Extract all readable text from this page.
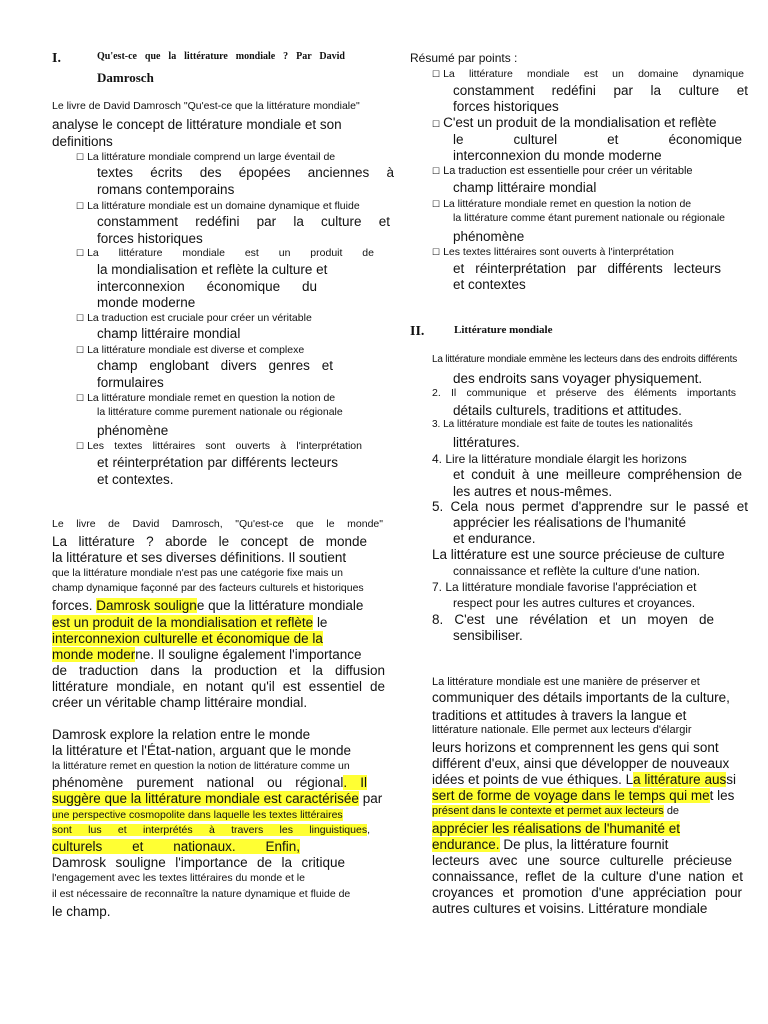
I.	Qu'est-ce que la littérature mondiale ? Par David
Damrosch
Le livre de David Damrosch "Qu'est-ce que la littérature mondiale"
analyse le concept de littérature mondiale et son
definitions
☐ La littérature mondiale comprend un large éventail de
textes écrits des épopées anciennes à
romans contemporains
☐ La littérature mondiale est un domaine dynamique et fluide
constamment redéfini par la culture et
forces historiques
☐ La littérature mondiale est un produit de
la mondialisation et reflète la culture et
interconnexion économique du
monde moderne
☐ La traduction est cruciale pour créer un véritable
champ littéraire mondial
☐ La littérature mondiale est diverse et complexe
champ englobant divers genres et
formulaires
☐ La littérature mondiale remet en question la notion de
la littérature comme purement nationale ou régionale
phénomène
☐ Les textes littéraires sont ouverts à l'interprétation
et réinterprétation par différents lecteurs
et contextes.
Le livre de David Damrosch, "Qu'est-ce que le monde"
La littérature ? aborde le concept de monde
la littérature et ses diverses définitions. Il soutient
que la littérature mondiale n'est pas une catégorie fixe mais un
champ dynamique façonné par des facteurs culturels et historiques
forces. Damrosk souligne que la littérature mondiale
est un produit de la mondialisation et reflète le
interconnexion culturelle et économique de la
monde moderne. Il souligne également l'importance
de traduction dans la production et la diffusion
littérature mondiale, en notant qu'il est essentiel de
créer un véritable champ littéraire mondial.
Damrosk explore la relation entre le monde
la littérature et l'État-nation, arguant que le monde
la littérature remet en question la notion de littérature comme un
phénomène purement national ou régional. Il
suggère que la littérature mondiale est caractérisée par
une perspective cosmopolite dans laquelle les textes littéraires
sont lus et interprétés à travers les linguistiques,
culturels et nationaux. Enfin,
Damrosk souligne l'importance de la critique
l'engagement avec les textes littéraires du monde et le
il est nécessaire de reconnaître la nature dynamique et fluide de
le champ.
Résumé par points :
☐ La littérature mondiale est un domaine dynamique
constamment redéfini par la culture et
forces historiques
☐ C'est un produit de la mondialisation et reflète
le culturel et économique
interconnexion du monde moderne
☐ La traduction est essentielle pour créer un véritable
champ littéraire mondial
☐ La littérature mondiale remet en question la notion de
la littérature comme étant purement nationale ou régionale
phénomène
☐ Les textes littéraires sont ouverts à l'interprétation
et réinterprétation par différents lecteurs
et contextes
II.	Littérature mondiale
La littérature mondiale emmène les lecteurs dans des endroits différents
des endroits sans voyager physiquement.
2. Il communique et préserve des éléments importants
détails culturels, traditions et attitudes.
3. La littérature mondiale est faite de toutes les nationalités
littératures.
4. Lire la littérature mondiale élargit les horizons
et conduit à une meilleure compréhension de
les autres et nous-mêmes.
5. Cela nous permet d'apprendre sur le passé et
apprécier les réalisations de l'humanité
et endurance.
La littérature est une source précieuse de culture
connaissance et reflète la culture d'une nation.
7. La littérature mondiale favorise l'appréciation et
respect pour les autres cultures et croyances.
8. C'est une révélation et un moyen de
sensibiliser.
La littérature mondiale est une manière de préserver et
communiquer des détails importants de la culture,
traditions et attitudes à travers la langue et
littérature nationale. Elle permet aux lecteurs d'élargir
leurs horizons et comprennent les gens qui sont
différent d'eux, ainsi que développer de nouveaux
idées et points de vue éthiques. La littérature aussi
sert de forme de voyage dans le temps qui met les
présent dans le contexte et permet aux lecteurs de
apprécier les réalisations de l'humanité et
endurance. De plus, la littérature fournit
lecteurs avec une source culturelle précieuse
connaissance, reflet de la culture d'une nation et
croyances et promotion d'une appréciation pour
autres cultures et voisins. Littérature mondiale
